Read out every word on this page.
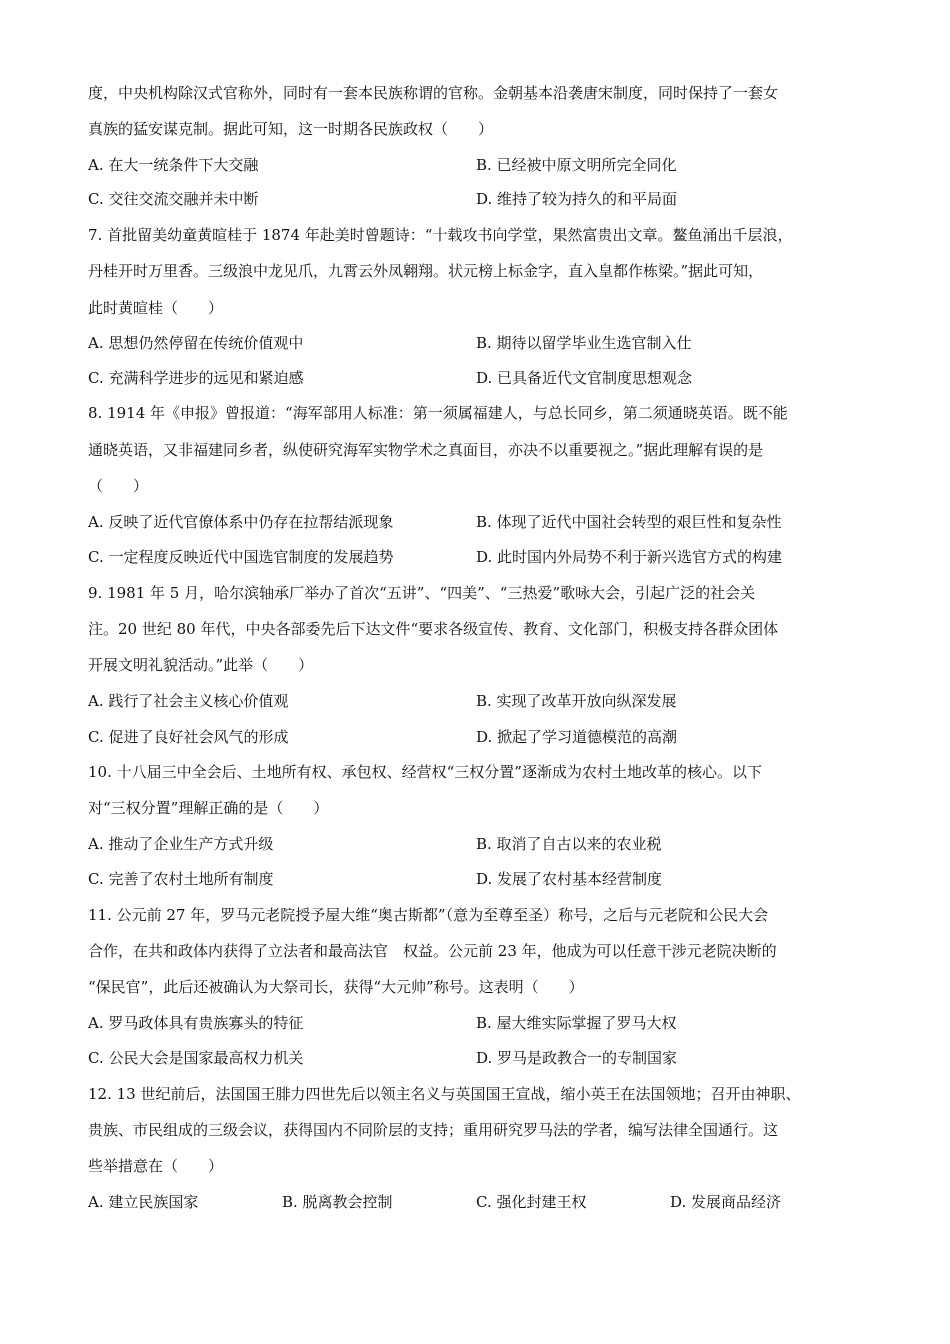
度，中央机构除汉式官称外，同时有一套本民族称谓的官称。金朝基本沿袭唐宋制度，同时保持了一套女
真族的猛安谋克制。据此可知，这一时期各民族政权（　　）
A. 在大一统条件下大交融	B. 已经被中原文明所完全同化
C. 交往交流交融并未中断	D. 维持了较为持久的和平局面
7. 首批留美幼童黄暄桂于 1874 年赴美时曾题诗：“十载攻书向学堂，果然富贵出文章。鳌鱼涌出千层浪，
丹桂开时万里香。三级浪中龙见爪，九霄云外凤翱翔。状元榜上标金字，直入皇都作栋梁。”据此可知，
此时黄暄桂（　　）
A. 思想仍然停留在传统价值观中	B. 期待以留学毕业生选官制入仕
C. 充满科学进步的远见和紧迫感	D. 已具备近代文官制度思想观念
8. 1914 年《申报》曾报道：“海军部用人标准：第一须属福建人，与总长同乡，第二须通晓英语。既不能
通晓英语，又非福建同乡者，纵使研究海军实物学术之真面目，亦决不以重要视之。”据此理解有误的是
（　　）
A. 反映了近代官僚体系中仍存在拉帮结派现象	B. 体现了近代中国社会转型的艰巨性和复杂性
C. 一定程度反映近代中国选官制度的发展趋势	D. 此时国内外局势不利于新兴选官方式的构建
9. 1981 年 5 月，哈尔滨轴承厂举办了首次“五讲”、“四美”、“三热爱”歌咏大会，引起广泛的社会关
注。20 世纪 80 年代，中央各部委先后下达文件“要求各级宣传、教育、文化部门，积极支持各群众团体
开展文明礼貌活动。”此举（　　）
A. 践行了社会主义核心价值观	B. 实现了改革开放向纵深发展
C. 促进了良好社会风气的形成	D. 掀起了学习道德模范的高潮
10. 十八届三中全会后、土地所有权、承包权、经营权“三权分置”逐渐成为农村土地改革的核心。以下
对“三权分置”理解正确的是（　　）
A. 推动了企业生产方式升级	B. 取消了自古以来的农业税
C. 完善了农村土地所有制度	D. 发展了农村基本经营制度
11. 公元前 27 年，罗马元老院授予屋大维“奥古斯都”（意为至尊至圣）称号，之后与元老院和公民大会
合作，在共和政体内获得了立法者和最高法官　权益。公元前 23 年，他成为可以任意干涉元老院决断的
“保民官”，此后还被确认为大祭司长，获得“大元帅”称号。这表明（　　）
A. 罗马政体具有贵族寡头的特征	B. 屋大维实际掌握了罗马大权
C. 公民大会是国家最高权力机关	D. 罗马是政教合一的专制国家
12. 13 世纪前后，法国国王腓力四世先后以领主名义与英国国王宣战，缩小英王在法国领地；召开由神职、
贵族、市民组成的三级会议，获得国内不同阶层的支持；重用研究罗马法的学者，编写法律全国通行。这
些举措意在（　　）
A. 建立民族国家	B. 脱离教会控制	C. 强化封建王权	D. 发展商品经济
